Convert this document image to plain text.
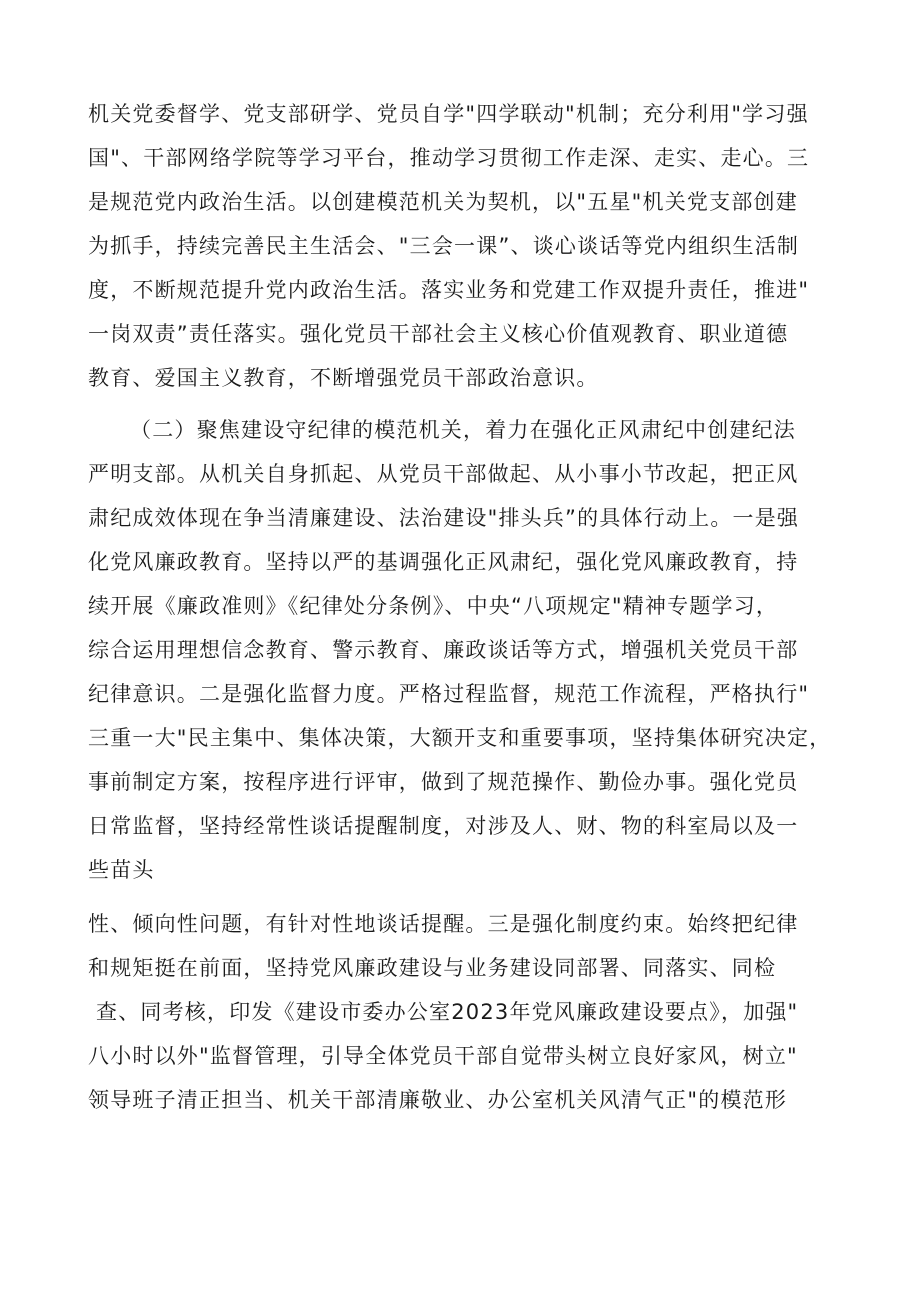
机关党委督学、党支部研学、党员自学"四学联动"机制；充分利用"学习强
国"、干部网络学院等学习平台，推动学习贯彻工作走深、走实、走心。三
是规范党内政治生活。以创建模范机关为契机，以"五星"机关党支部创建
为抓手，持续完善民主生活会、"三会一课”、谈心谈话等党内组织生活制
度，不断规范提升党内政治生活。落实业务和党建工作双提升责任，推进"
一岗双责”责任落实。强化党员干部社会主义核心价值观教育、职业道德
教育、爱国主义教育，不断增强党员干部政治意识。
（二）聚焦建设守纪律的模范机关，着力在强化正风肃纪中创建纪法
严明支部。从机关自身抓起、从党员干部做起、从小事小节改起，把正风
肃纪成效体现在争当清廉建设、法治建设"排头兵”的具体行动上。一是强
化党风廉政教育。坚持以严的基调强化正风肃纪，强化党风廉政教育，持
续开展《廉政准则》《纪律处分条例》、中央“八项规定"精神专题学习，
综合运用理想信念教育、警示教育、廉政谈话等方式，增强机关党员干部
纪律意识。二是强化监督力度。严格过程监督，规范工作流程，严格执行"
三重一大"民主集中、集体决策，大额开支和重要事项，坚持集体研究决定，
事前制定方案，按程序进行评审，做到了规范操作、勤俭办事。强化党员
日常监督，坚持经常性谈话提醒制度，对涉及人、财、物的科室局以及一
些苗头
性、倾向性问题，有针对性地谈话提醒。三是强化制度约束。始终把纪律
和规矩挺在前面，坚持党风廉政建设与业务建设同部署、同落实、同检
查、同考核，印发《建设市委办公室2023年党风廉政建设要点》，加强"
八小时以外"监督管理，引导全体党员干部自觉带头树立良好家风，树立"
领导班子清正担当、机关干部清廉敬业、办公室机关风清气正"的模范形
